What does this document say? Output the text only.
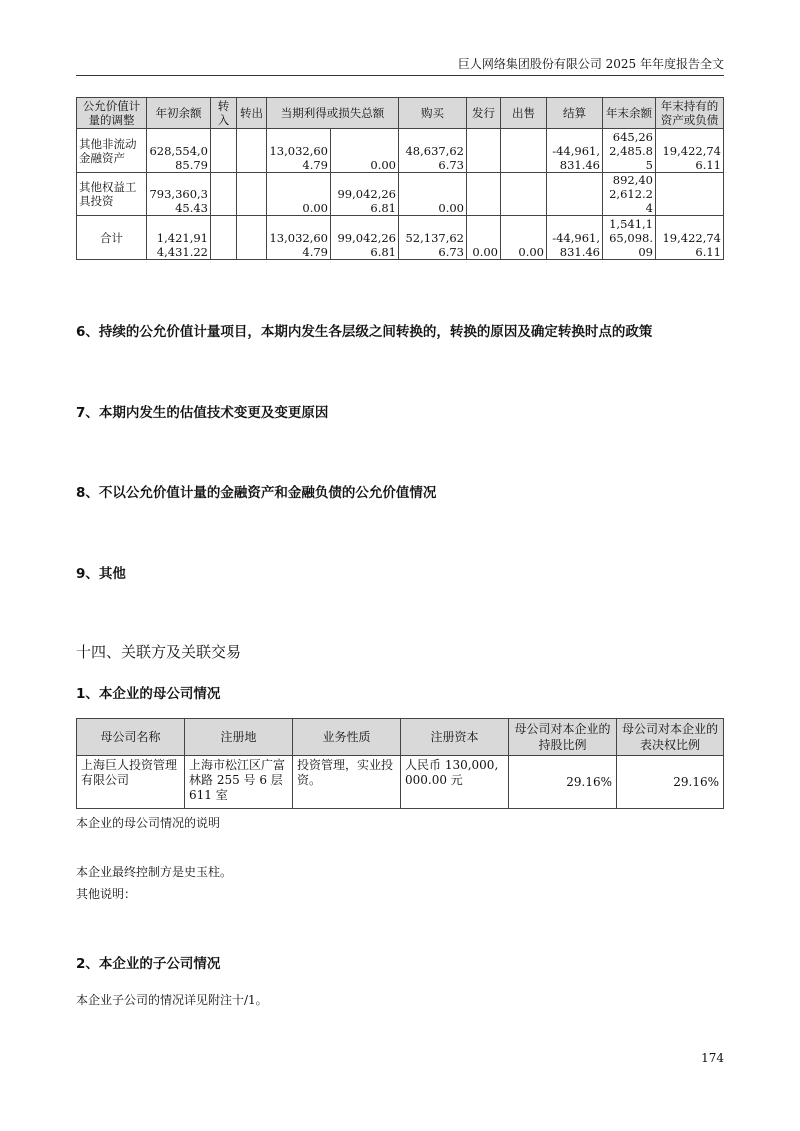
巨人网络集团股份有限公司 2025 年年度报告全文
公允价值计量的调整	年初余额	转入	转出	当期利得或损失总额		购买	发行	出售	结算	年末余额	年末持有的资产或负债
其他非流动金融资产	628,554,085.79			13,032,604.79	0.00	48,637,626.73			-44,961,831.46	645,262,485.85	19,422,746.11
其他权益工具投资	793,360,345.43			0.00	99,042,266.81	0.00				892,402,612.24	
合计	1,421,914,431.22			13,032,604.79	99,042,266.81	52,137,626.73	0.00	0.00	-44,961,831.46	1,541,165,098.09	19,422,746.11
6、持续的公允价值计量项目，本期内发生各层级之间转换的，转换的原因及确定转换时点的政策
7、本期内发生的估值技术变更及变更原因
8、不以公允价值计量的金融资产和金融负债的公允价值情况
9、其他
十四、关联方及关联交易
1、本企业的母公司情况
母公司名称	注册地	业务性质	注册资本	母公司对本企业的持股比例	母公司对本企业的表决权比例
上海巨人投资管理有限公司	上海市松江区广富林路 255 号 6 层 611 室	投资管理，实业投资。	人民币 130,000,000.00 元	29.16%	29.16%
本企业的母公司情况的说明
本企业最终控制方是史玉柱。
其他说明：
2、本企业的子公司情况
本企业子公司的情况详见附注十/1。
174
